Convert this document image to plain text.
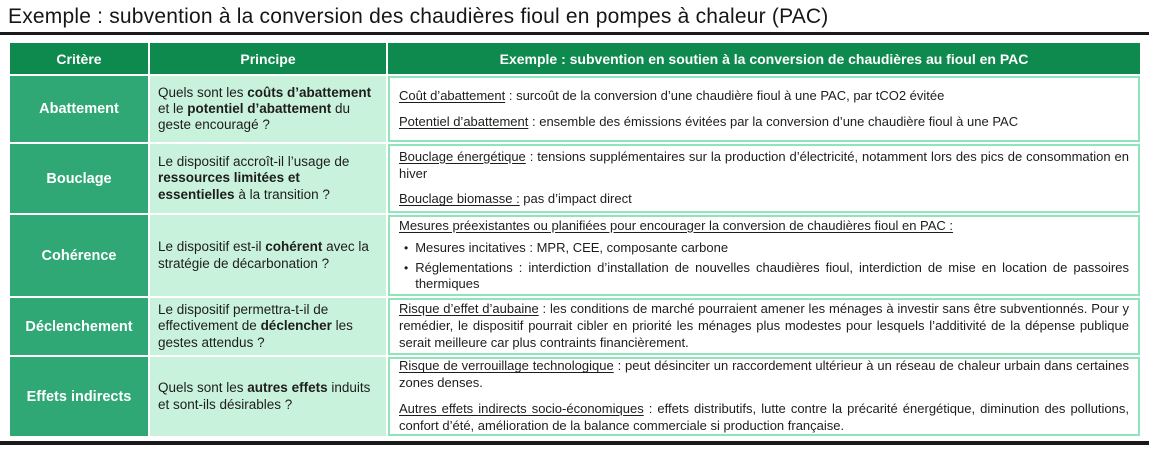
Exemple : subvention à la conversion des chaudières fioul en pompes à chaleur (PAC)
Critère	Principe	Exemple : subvention en soutien à la conversion de chaudières au fioul en PAC
Abattement
Quels sont les coûts d’abattement et le potentiel d’abattement du geste encouragé ?
Coût d’abattement : surcoût de la conversion d’une chaudière fioul à une PAC, par tCO2 évitée
Potentiel d’abattement : ensemble des émissions évitées par la conversion d’une chaudière fioul à une PAC
Bouclage
Le dispositif accroît-il l’usage de ressources limitées et essentielles à la transition ?
Bouclage énergétique : tensions supplémentaires sur la production d’électricité, notamment lors des pics de consommation en hiver
Bouclage biomasse : pas d’impact direct
Cohérence
Le dispositif est-il cohérent avec la stratégie de décarbonation ?
Mesures préexistantes ou planifiées pour encourager la conversion de chaudières fioul en PAC :
• Mesures incitatives : MPR, CEE, composante carbone
• Réglementations : interdiction d’installation de nouvelles chaudières fioul, interdiction de mise en location de passoires thermiques
Déclenchement
Le dispositif permettra-t-il de effectivement de déclencher les gestes attendus ?
Risque d’effet d’aubaine : les conditions de marché pourraient amener les ménages à investir sans être subventionnés. Pour y remédier, le dispositif pourrait cibler en priorité les ménages plus modestes pour lesquels l’additivité de la dépense publique serait meilleure car plus contraints financièrement.
Effets indirects
Quels sont les autres effets induits et sont-ils désirables ?
Risque de verrouillage technologique : peut désinciter un raccordement ultérieur à un réseau de chaleur urbain dans certaines zones denses.
Autres effets indirects socio-économiques : effets distributifs, lutte contre la précarité énergétique, diminution des pollutions, confort d’été, amélioration de la balance commerciale si production française.
